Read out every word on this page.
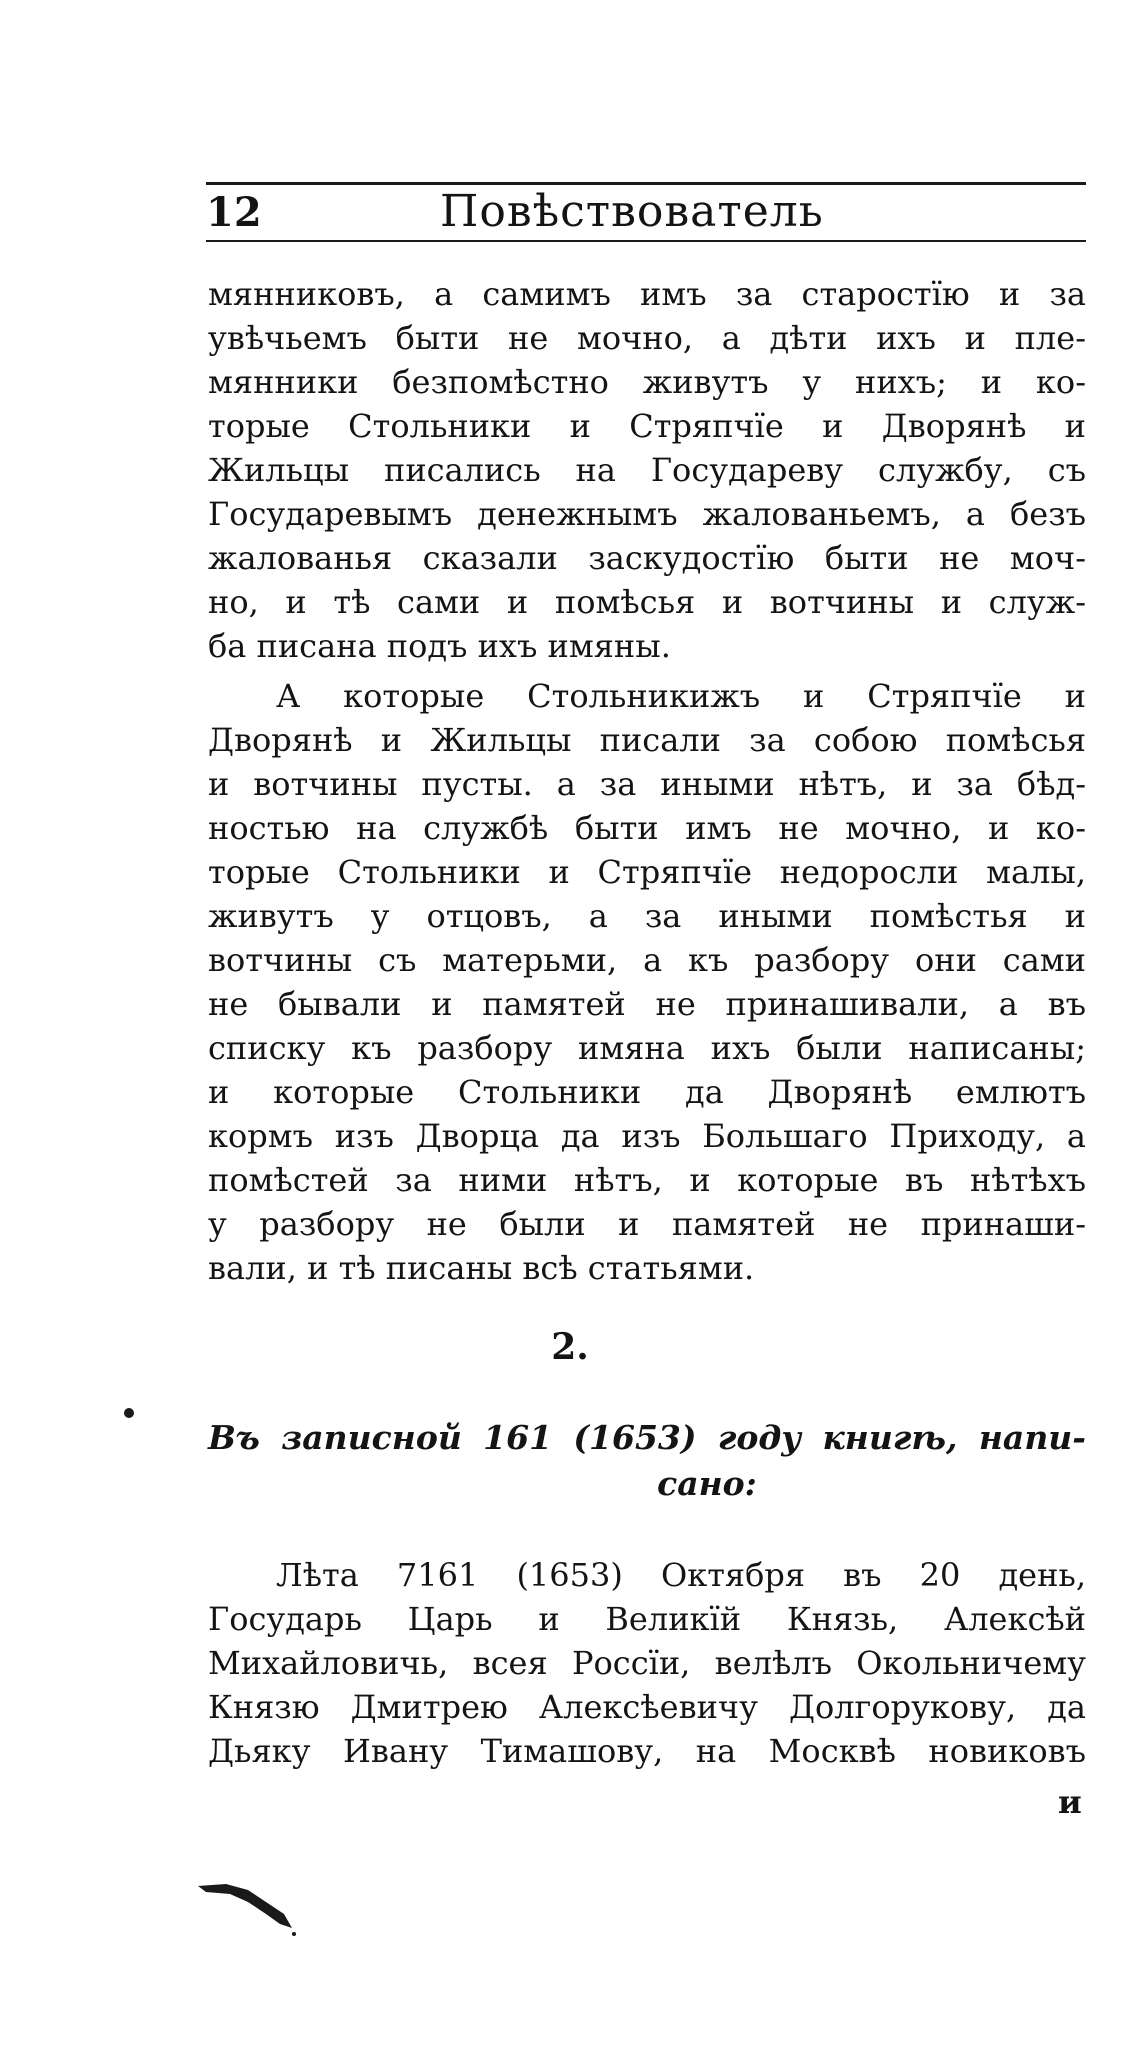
12	Повѣствователь
мянниковъ, а самимъ имъ за старостїю и за
увѣчьемъ быти не мочно, а дѣти ихъ и пле-
мянники безпомѣстно живутъ у нихъ; и ко-
торые Стольники и Стряпчїе и Дворянѣ и
Жильцы писались на Государеву службу, съ
Государевымъ денежнымъ жалованьемъ, а безъ
жалованья сказали заскудостїю быти не моч-
но, и тѣ сами и помѣсья и вотчины и служ-
ба писана подъ ихъ имяны.
А которые Стольникижъ и Стряпчїе и
Дворянѣ и Жильцы писали за собою помѣсья
и вотчины пусты. а за иными нѣтъ, и за бѣд-
ностью на службѣ быти имъ не мочно, и ко-
торые Стольники и Стряпчїе недоросли малы,
живутъ у отцовъ, а за иными помѣстья и
вотчины съ матерьми, а къ разбору они сами
не бывали и памятей не принашивали, а въ
списку къ разбору имяна ихъ были написаны;
и которые Стольники да Дворянѣ емлютъ
кормъ изъ Дворца да изъ Большаго Приходу, а
помѣстей за ними нѣтъ, и которые въ нѣтѣхъ
у разбору не были и памятей не принаши-
вали, и тѣ писаны всѣ статьями.
2.
Въ записной 161 (1653) году книгѣ, напи-
сано:
Лѣта 7161 (1653) Октября въ 20 день,
Государь Царь и Великїй Князь, Алексѣй
Михайловичь, всея Россїи, велѣлъ Окольничему
Князю Дмитрею Алексѣевичу Долгорукову, да
Дьяку Ивану Тимашову, на Москвѣ новиковъ
и
